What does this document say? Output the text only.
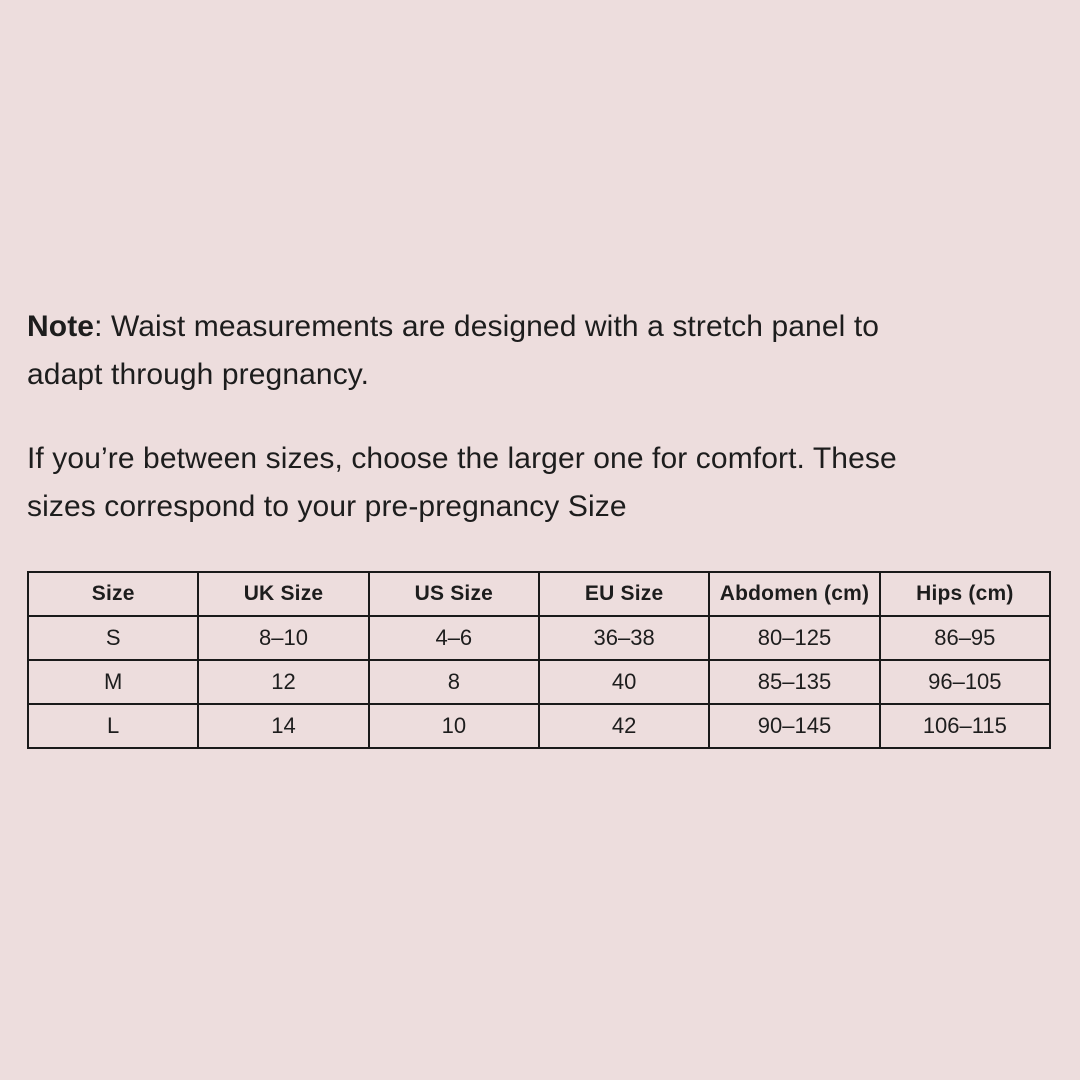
Note: Waist measurements are designed with a stretch panel to
adapt through pregnancy.

If you’re between sizes, choose the larger one for comfort. These
sizes correspond to your pre-pregnancy Size

Size	UK Size	US Size	EU Size	Abdomen (cm)	Hips (cm)
S	8–10	4–6	36–38	80–125	86–95
M	12	8	40	85–135	96–105
L	14	10	42	90–145	106–115
